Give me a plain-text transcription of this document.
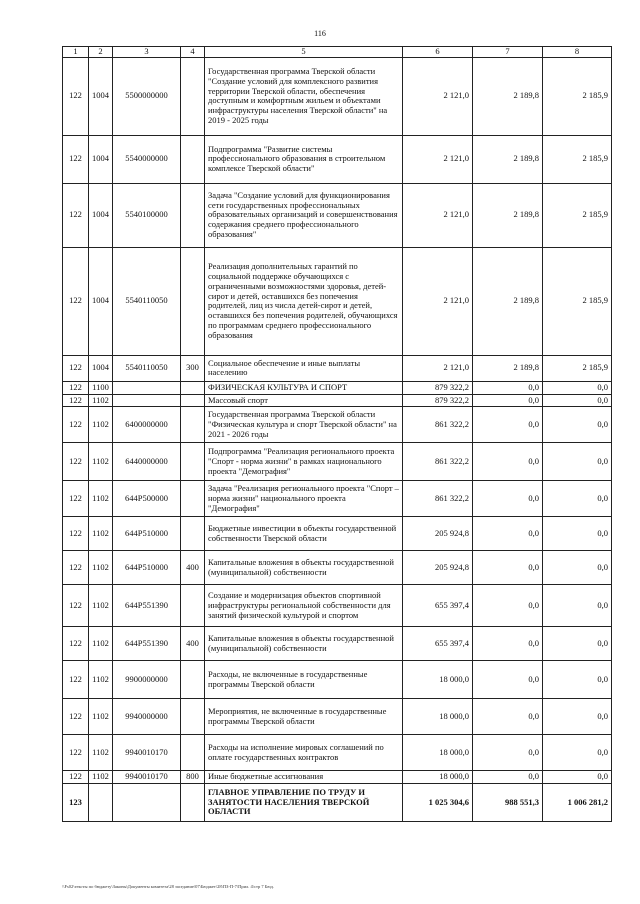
116
1	2	3	4	5	6	7	8
122	1004	5500000000		Государственная программа Тверской области "Создание условий для комплексного развития территории Тверской области, обеспечения доступным и комфортным жильем и объектами инфраструктуры населения Тверской области" на 2019 - 2025 годы	2 121,0	2 189,8	2 185,9
122	1004	5540000000		Подпрограмма "Развитие системы профессионального образования в строительном комплексе Тверской области"	2 121,0	2 189,8	2 185,9
122	1004	5540100000		Задача "Создание условий для функционирования сети государственных профессиональных образовательных организаций и совершенствования содержания среднего профессионального образования"	2 121,0	2 189,8	2 185,9
122	1004	5540110050		Реализация дополнительных гарантий по социальной поддержке обучающихся с ограниченными возможностями здоровья, детей-сирот и детей, оставшихся без попечения родителей, лиц из числа детей-сирот и детей, оставшихся без попечения родителей, обучающихся по программам среднего профессионального образования	2 121,0	2 189,8	2 185,9
122	1004	5540110050	300	Социальное обеспечение и иные выплаты населению	2 121,0	2 189,8	2 185,9
122	1100			ФИЗИЧЕСКАЯ КУЛЬТУРА И СПОРТ	879 322,2	0,0	0,0
122	1102			Массовый спорт	879 322,2	0,0	0,0
122	1102	6400000000		Государственная программа Тверской области "Физическая культура и спорт Тверской области" на 2021 - 2026 годы	861 322,2	0,0	0,0
122	1102	6440000000		Подпрограмма "Реализация регионального проекта "Спорт - норма жизни" в рамках национального проекта "Демография"	861 322,2	0,0	0,0
122	1102	644P500000		Задача "Реализация регионального проекта "Спорт – норма жизни" национального проекта "Демография"	861 322,2	0,0	0,0
122	1102	644P510000		Бюджетные инвестиции в объекты государственной собственности Тверской области	205 924,8	0,0	0,0
122	1102	644P510000	400	Капитальные вложения в объекты государственной (муниципальной) собственности	205 924,8	0,0	0,0
122	1102	644P551390		Создание и модернизация объектов спортивной инфраструктуры региональной собственности для занятий физической культурой и спортом	655 397,4	0,0	0,0
122	1102	644P551390	400	Капитальные вложения в объекты государственной (муниципальной) собственности	655 397,4	0,0	0,0
122	1102	9900000000		Расходы, не включенные в государственные программы Тверской области	18 000,0	0,0	0,0
122	1102	9940000000		Мероприятия, не включенные в государственные программы Тверской области	18 000,0	0,0	0,0
122	1102	9940010170		Расходы на исполнение мировых соглашений по оплате государственных контрактов	18 000,0	0,0	0,0
122	1102	9940010170	800	Иные бюджетные ассигнования	18 000,0	0,0	0,0
123				ГЛАВНОЕ УПРАВЛЕНИЕ ПО ТРУДУ И ЗАНЯТОСТИ НАСЕЛЕНИЯ ТВЕРСКОЙ ОБЛАСТИ	1 025 304,6	988 551,3	1 006 281,2
\\Fs02\тексты по бюджету\Законы\Документы комитета\28 заседание\07\Бюджет\28\ПЗ-П-7\Прил. 4\стр 7 Бюд.
